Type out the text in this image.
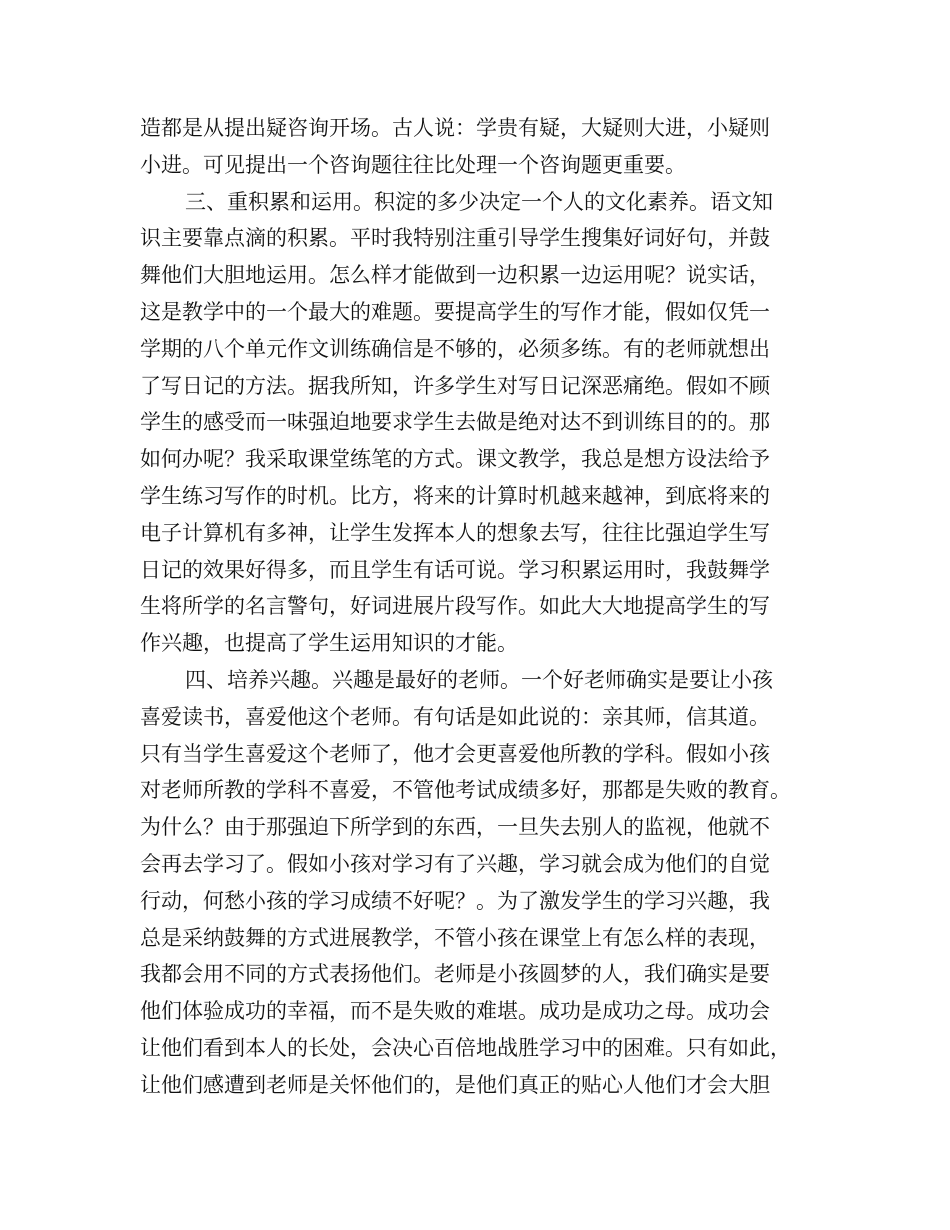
造都是从提出疑咨询开场。古人说：学贵有疑，大疑则大进，小疑则
小进。可见提出一个咨询题往往比处理一个咨询题更重要。
三、重积累和运用。积淀的多少决定一个人的文化素养。语文知
识主要靠点滴的积累。平时我特别注重引导学生搜集好词好句，并鼓
舞他们大胆地运用。怎么样才能做到一边积累一边运用呢？说实话，
这是教学中的一个最大的难题。要提高学生的写作才能，假如仅凭一
学期的八个单元作文训练确信是不够的，必须多练。有的老师就想出
了写日记的方法。据我所知，许多学生对写日记深恶痛绝。假如不顾
学生的感受而一味强迫地要求学生去做是绝对达不到训练目的的。那
如何办呢？我采取课堂练笔的方式。课文教学，我总是想方设法给予
学生练习写作的时机。比方，将来的计算时机越来越神，到底将来的
电子计算机有多神，让学生发挥本人的想象去写，往往比强迫学生写
日记的效果好得多，而且学生有话可说。学习积累运用时，我鼓舞学
生将所学的名言警句，好词进展片段写作。如此大大地提高学生的写
作兴趣，也提高了学生运用知识的才能。
四、培养兴趣。兴趣是最好的老师。一个好老师确实是要让小孩
喜爱读书，喜爱他这个老师。有句话是如此说的：亲其师，信其道。
只有当学生喜爱这个老师了，他才会更喜爱他所教的学科。假如小孩
对老师所教的学科不喜爱，不管他考试成绩多好，那都是失败的教育。
为什么？由于那强迫下所学到的东西，一旦失去别人的监视，他就不
会再去学习了。假如小孩对学习有了兴趣，学习就会成为他们的自觉
行动，何愁小孩的学习成绩不好呢？。为了激发学生的学习兴趣，我
总是采纳鼓舞的方式进展教学，不管小孩在课堂上有怎么样的表现，
我都会用不同的方式表扬他们。老师是小孩圆梦的人，我们确实是要
他们体验成功的幸福，而不是失败的难堪。成功是成功之母。成功会
让他们看到本人的长处，会决心百倍地战胜学习中的困难。只有如此，
让他们感遭到老师是关怀他们的，是他们真正的贴心人他们才会大胆
